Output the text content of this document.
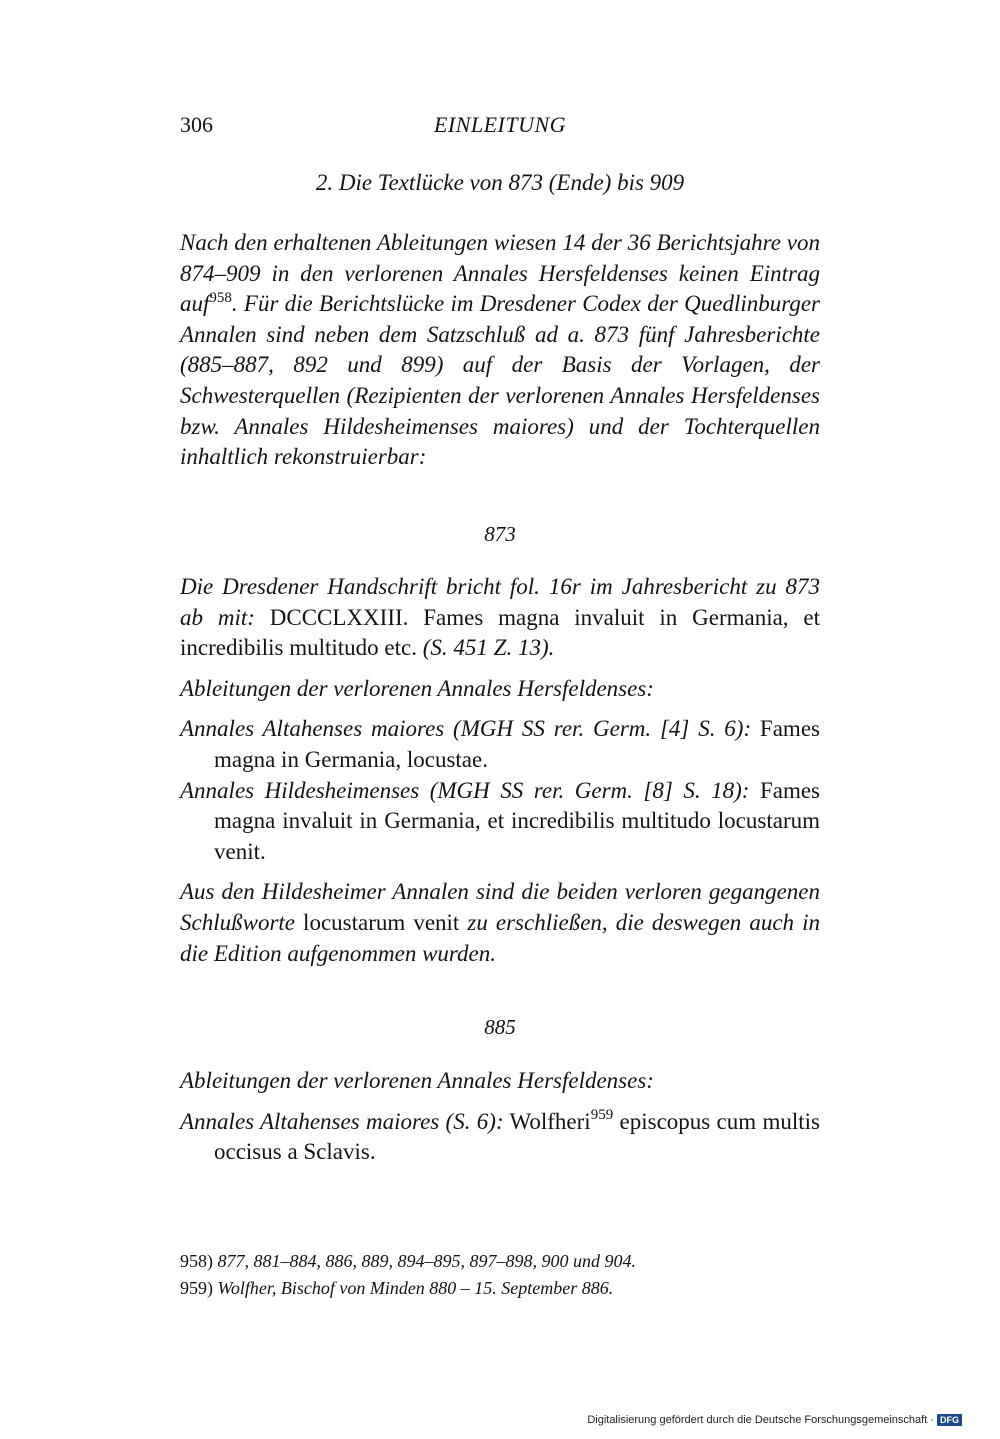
306	EINLEITUNG
2. Die Textlücke von 873 (Ende) bis 909
Nach den erhaltenen Ableitungen wiesen 14 der 36 Berichtsjahre von 874–909 in den verlorenen Annales Hersfeldenses keinen Eintrag auf$^{958}$. Für die Berichtslücke im Dresdener Codex der Quedlinburger Annalen sind neben dem Satzschluß ad a. 873 fünf Jahresberichte (885–887, 892 und 899) auf der Basis der Vorlagen, der Schwesterquellen (Rezipienten der verlorenen Annales Hersfeldenses bzw. Annales Hildesheimenses maiores) und der Tochterquellen inhaltlich rekonstruierbar:
873

Die Dresdener Handschrift bricht fol. 16r im Jahresbericht zu 873 ab mit: DCCCLXXIII. Fames magna invaluit in Germania, et incredibilis multitudo etc. (S. 451 Z. 13).

Ableitungen der verlorenen Annales Hersfeldenses:

Annales Altahenses maiores (MGH SS rer. Germ. [4] S. 6): Fames magna in Germania, locustae.

Annales Hildesheimenses (MGH SS rer. Germ. [8] S. 18): Fames magna invaluit in Germania, et incredibilis multitudo locustarum venit.

Aus den Hildesheimer Annalen sind die beiden verloren gegangenen Schlußworte locustarum venit zu erschließen, die deswegen auch in die Edition aufgenommen wurden.

885

Ableitungen der verlorenen Annales Hersfeldenses:

Annales Altahenses maiores (S. 6): Wolfheri$^{959}$ episcopus cum multis occisus a Sclavis.

958) 877, 881–884, 886, 889, 894–895, 897–898, 900 und 904.

959) Wolfher, Bischof von Minden 880 – 15. September 886.

Digitalisierung gefördert durch die Deutsche Forschungsgemeinschaft · DFG
